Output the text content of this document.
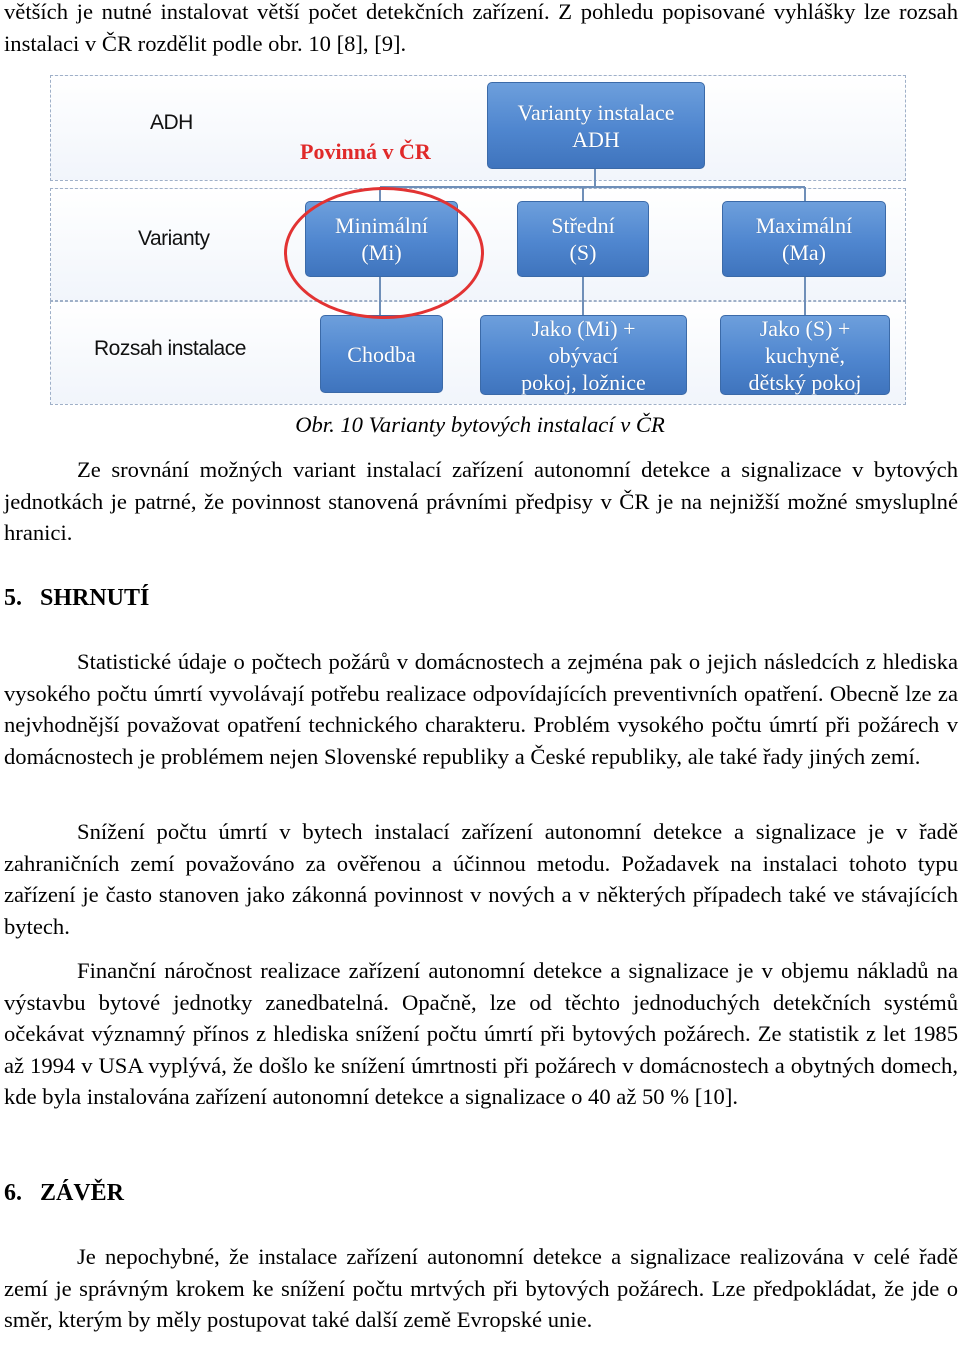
větších je nutné instalovat větší počet detekčních zařízení. Z pohledu popisované vyhlášky lze rozsah instalaci v ČR rozdělit podle obr. 10 [8], [9].

ADH
Varianty
Rozsah instalace
Varianty instalace
ADH
Povinná v ČR
Minimální
(Mi)
Střední
(S)
Maximální
(Ma)
Chodba
Jako (Mi) +
obývací
pokoj, ložnice
Jako (S) +
kuchyně,
dětský pokoj
Obr. 10 Varianty bytových instalací v ČR

Ze srovnání možných variant instalací zařízení autonomní detekce a signalizace v bytových jednotkách je patrné, že povinnost stanovená právními předpisy v ČR je na nejnižší možné smysluplné hranici.

5. SHRNUTÍ

Statistické údaje o počtech požárů v domácnostech a zejména pak o jejich následcích z hlediska vysokého počtu úmrtí vyvolávají potřebu realizace odpovídajících preventivních opatření. Obecně lze za nejvhodnější považovat opatření technického charakteru. Problém vysokého počtu úmrtí při požárech v domácnostech je problémem nejen Slovenské republiky a České republiky, ale také řady jiných zemí.

Snížení počtu úmrtí v bytech instalací zařízení autonomní detekce a signalizace je v řadě zahraničních zemí považováno za ověřenou a účinnou metodu. Požadavek na instalaci tohoto typu zařízení je často stanoven jako zákonná povinnost v nových a v některých případech také ve stávajících bytech.

Finanční náročnost realizace zařízení autonomní detekce a signalizace je v objemu nákladů na výstavbu bytové jednotky zanedbatelná. Opačně, lze od těchto jednoduchých detekčních systémů očekávat významný přínos z hlediska snížení počtu úmrtí při bytových požárech. Ze statistik z let 1985 až 1994 v USA vyplývá, že došlo ke snížení úmrtnosti při požárech v domácnostech a obytných domech, kde byla instalována zařízení autonomní detekce a signalizace o 40 až 50 % [10].

6. ZÁVĚR

Je nepochybné, že instalace zařízení autonomní detekce a signalizace realizována v celé řadě zemí je správným krokem ke snížení počtu mrtvých při bytových požárech. Lze předpokládat, že jde o směr, kterým by měly postupovat také další země Evropské unie.
